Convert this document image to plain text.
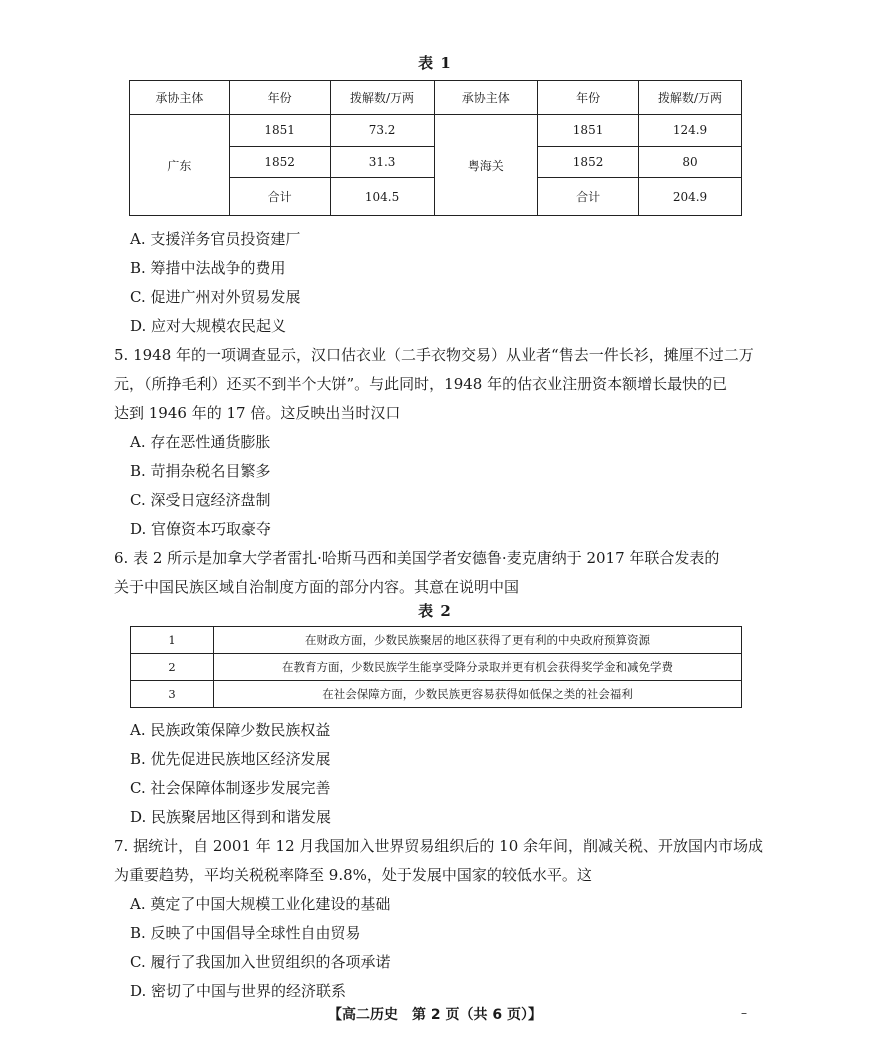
表 1
承协主体	年份	拨解数/万两	承协主体	年份	拨解数/万两
广东	1851	73.2	粤海关	1851	124.9
	1852	31.3		1852	80
	合计	104.5		合计	204.9
A. 支援洋务官员投资建厂
B. 筹措中法战争的费用
C. 促进广州对外贸易发展
D. 应对大规模农民起义
5. 1948 年的一项调查显示，汉口估衣业（二手衣物交易）从业者“售去一件长衫，摊厘不过二万
元，（所挣毛利）还买不到半个大饼”。与此同时，1948 年的估衣业注册资本额增长最快的已
达到 1946 年的 17 倍。这反映出当时汉口
A. 存在恶性通货膨胀
B. 苛捐杂税名目繁多
C. 深受日寇经济盘制
D. 官僚资本巧取豪夺
6. 表 2 所示是加拿大学者雷扎·哈斯马西和美国学者安德鲁·麦克唐纳于 2017 年联合发表的
关于中国民族区域自治制度方面的部分内容。其意在说明中国
表 2
1	在财政方面，少数民族聚居的地区获得了更有利的中央政府预算资源
2	在教育方面，少数民族学生能享受降分录取并更有机会获得奖学金和减免学费
3	在社会保障方面，少数民族更容易获得如低保之类的社会福利
A. 民族政策保障少数民族权益
B. 优先促进民族地区经济发展
C. 社会保障体制逐步发展完善
D. 民族聚居地区得到和谐发展
7. 据统计，自 2001 年 12 月我国加入世界贸易组织后的 10 余年间，削减关税、开放国内市场成
为重要趋势，平均关税税率降至 9.8%，处于发展中国家的较低水平。这
A. 奠定了中国大规模工业化建设的基础
B. 反映了中国倡导全球性自由贸易
C. 履行了我国加入世贸组织的各项承诺
D. 密切了中国与世界的经济联系
【高二历史　第 2 页（共 6 页）】	–
